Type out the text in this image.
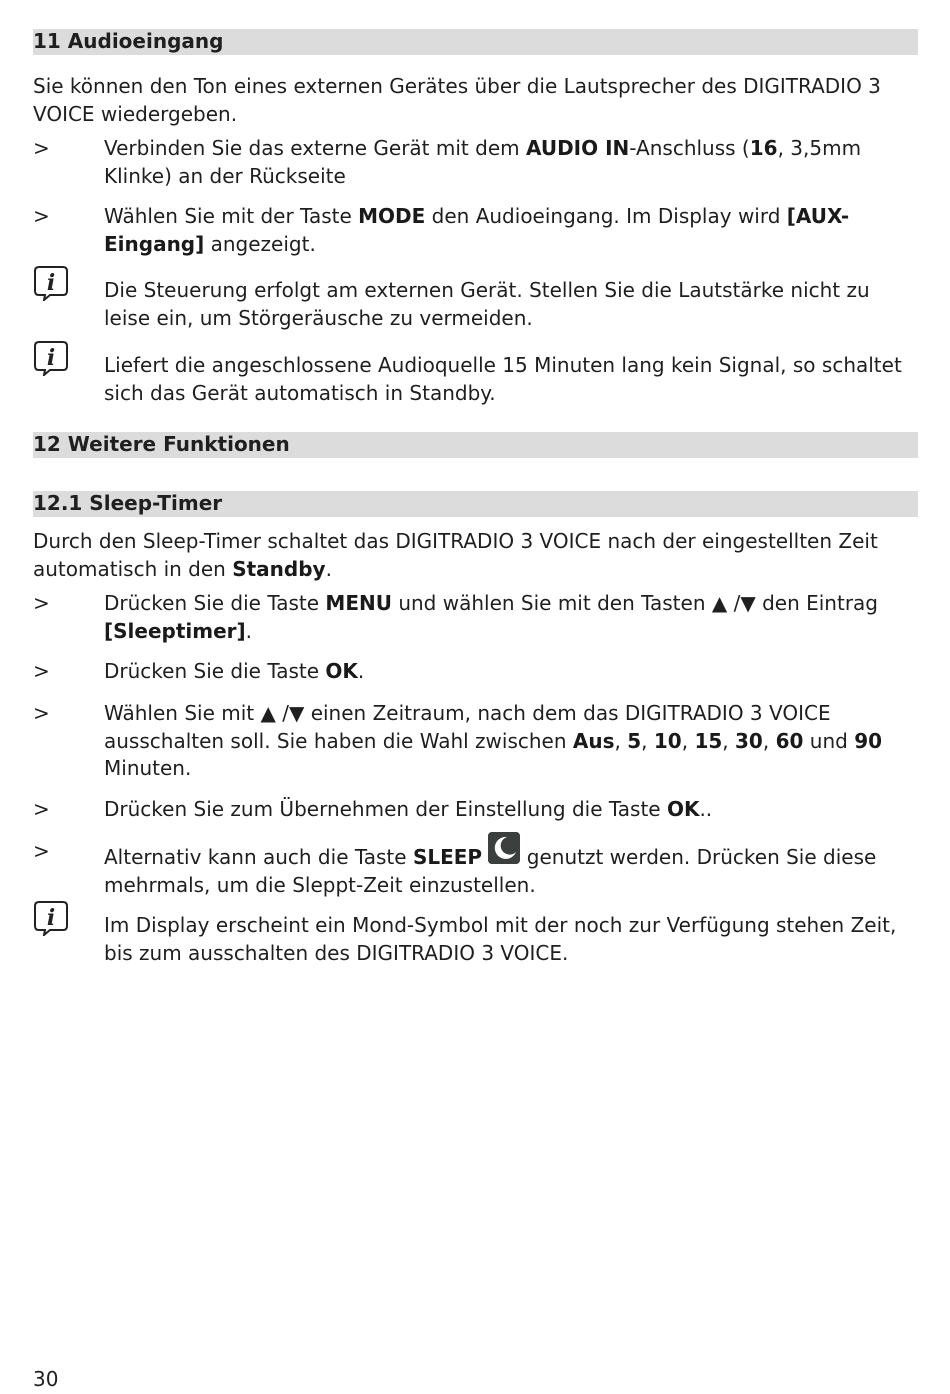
11 Audioeingang
Sie können den Ton eines externen Gerätes über die Lautsprecher des DIGITRADIO 3 VOICE wiedergeben.
>	Verbinden Sie das externe Gerät mit dem AUDIO IN-Anschluss (16, 3,5mm Klinke) an der Rückseite
>	Wählen Sie mit der Taste MODE den Audioeingang. Im Display wird [AUX-Eingang] angezeigt.
i Die Steuerung erfolgt am externen Gerät. Stellen Sie die Lautstärke nicht zu leise ein, um Störgeräusche zu vermeiden.
i Liefert die angeschlossene Audioquelle 15 Minuten lang kein Signal, so schaltet sich das Gerät automatisch in Standby.
12 Weitere Funktionen
12.1 Sleep-Timer
Durch den Sleep-Timer schaltet das DIGITRADIO 3 VOICE nach der eingestellten Zeit automatisch in den Standby.
>	Drücken Sie die Taste MENU und wählen Sie mit den Tasten ▲ /▼ den Eintrag [Sleeptimer].
>	Drücken Sie die Taste OK.
>	Wählen Sie mit ▲ /▼ einen Zeitraum, nach dem das DIGITRADIO 3 VOICE ausschalten soll. Sie haben die Wahl zwischen Aus, 5, 10, 15, 30, 60 und 90 Minuten.
>	Drücken Sie zum Übernehmen der Einstellung die Taste OK..
>	Alternativ kann auch die Taste SLEEP  genutzt werden. Drücken Sie diese mehrmals, um die Sleppt-Zeit einzustellen.
i Im Display erscheint ein Mond-Symbol mit der noch zur Verfügung stehen Zeit, bis zum ausschalten des DIGITRADIO 3 VOICE.
30
